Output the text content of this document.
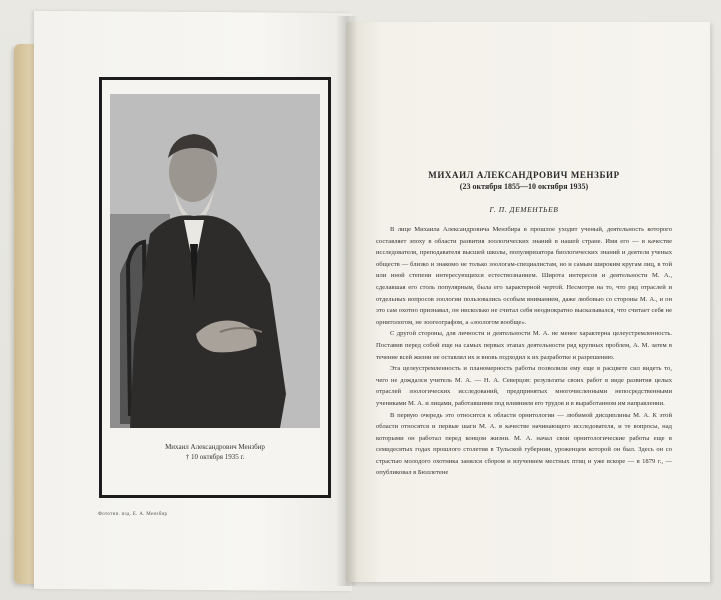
Михаил Александрович Мензбир
† 10 октября 1935 г.
Фототип. изд. Е. А. Мензбир

МИХАИЛ АЛЕКСАНДРОВИЧ МЕНЗБИР

(23 октября 1855—10 октября 1935)

Г. П. ДЕМЕНТЬЕВ

В лице Михаила Александровича Мензбира в прошлое уходит ученый, деятельность которого составляет эпоху в области развития зоологических знаний в нашей стране. Имя его — в качестве исследователя, преподавателя высшей школы, популяризатора биологических знаний и деятеля ученых обществ — близко и знакомо не только зоологам-специалистам, но и самым широким кругам лиц, в той или иной степени интересующихся естествознанием. Широта интересов и деятельности М. А., сделавшая его столь популярным, была его характерной чертой. Несмотря на то, что ряд отраслей и отдельных вопросов зоологии пользовались особым вниманием, даже любовью со стороны М. А., и он это сам охотно признавал, он нисколько не считал себя неоднократно высказывался, что считает себя не орнитологом, не зоогеографом, а «зоологом вообще».

С другой стороны, для личности и деятельности М. А. не менее характерна целеустремленность. Поставив перед собой еще на самых первых этапах деятельности ряд крупных проблем, А. М. затем в течение всей жизни не оставлял их и вновь подходил к их разработке и разрешению.

Эта целеустремленность и планомерность работы позволили ему еще в расцвете сил видеть то, чего не дождался учитель М. А. — Н. А. Северцов: результаты своих работ в виде развития целых отраслей зоологических исследований, предпринятых многочисленными непосредственными учениками М. А. и лицами, работавшими под влиянием его трудов и в выработанном им направлении.

В первую очередь это относится к области орнитологии — любимой дисциплины М. А. К этой области относятся и первые шаги М. А. в качестве начинающего исследователя, и те вопросы, над которыми он работал перед концом жизни. М. А. начал свои орнитологические работы еще в семидесятых годах прошлого столетия в Тульской губернии, уроженцем которой он был. Здесь он со страстью молодого охотника занялся сбором и изучением местных птиц и уже вскоре — в 1879 г., — опубликовал в Бюллетене
